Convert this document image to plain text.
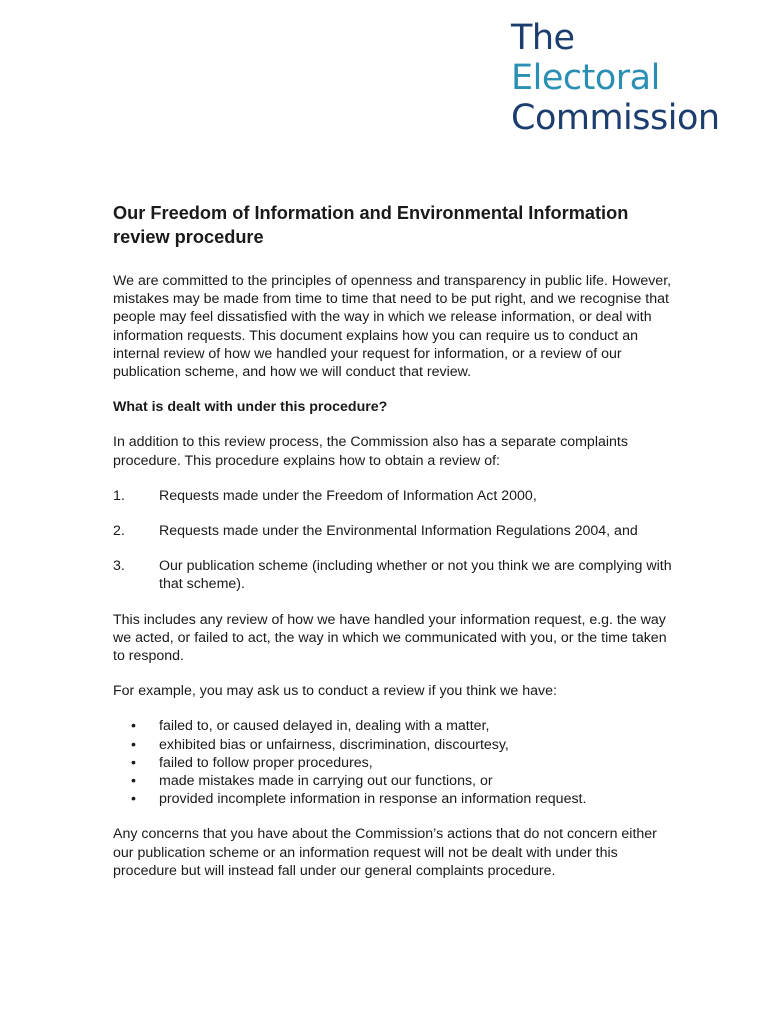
The
Electoral
Commission
Our Freedom of Information and Environmental Information review procedure

We are committed to the principles of openness and transparency in public life. However, mistakes may be made from time to time that need to be put right, and we recognise that people may feel dissatisfied with the way in which we release information, or deal with information requests. This document explains how you can require us to conduct an internal review of how we handled your request for information, or a review of our publication scheme, and how we will conduct that review.

What is dealt with under this procedure?

In addition to this review process, the Commission also has a separate complaints procedure. This procedure explains how to obtain a review of:

1.	Requests made under the Freedom of Information Act 2000,
2.	Requests made under the Environmental Information Regulations 2004, and
3.	Our publication scheme (including whether or not you think we are complying with that scheme).

This includes any review of how we have handled your information request, e.g. the way we acted, or failed to act, the way in which we communicated with you, or the time taken to respond.

For example, you may ask us to conduct a review if you think we have:

•	failed to, or caused delayed in, dealing with a matter,
•	exhibited bias or unfairness, discrimination, discourtesy,
•	failed to follow proper procedures,
•	made mistakes made in carrying out our functions, or
•	provided incomplete information in response an information request.

Any concerns that you have about the Commission’s actions that do not concern either our publication scheme or an information request will not be dealt with under this procedure but will instead fall under our general complaints procedure.
